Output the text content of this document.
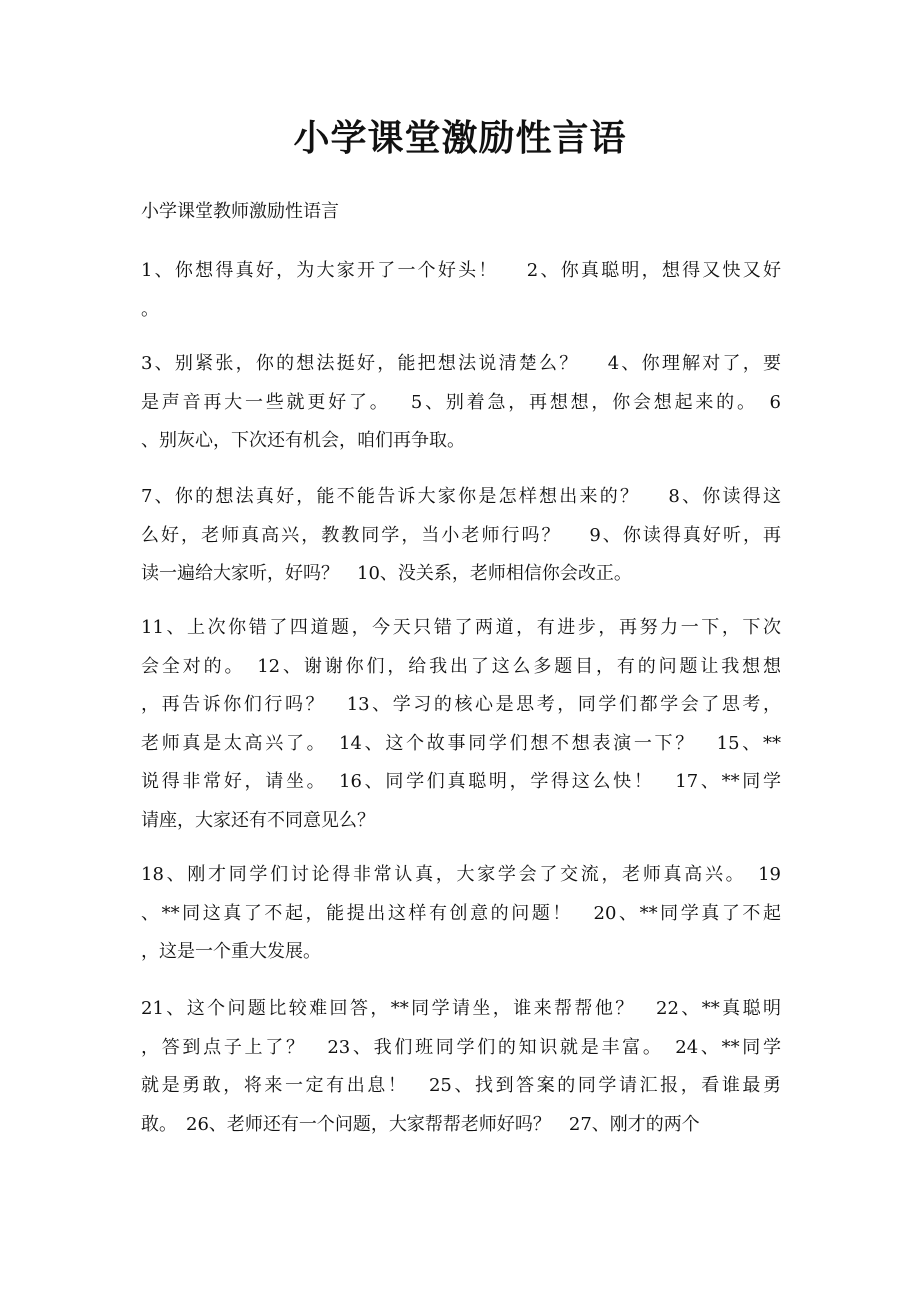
小学课堂激励性言语
小学课堂教师激励性语言
1、你想得真好，为大家开了一个好头！　 2、你真聪明，想得又快又好
。
3、别紧张，你的想法挺好，能把想法说清楚么？　 4、你理解对了，要
是声音再大一些就更好了。　 5、别着急，再想想，你会想起来的。　6
、别灰心，下次还有机会，咱们再争取。
7、你的想法真好，能不能告诉大家你是怎样想出来的？　 8、你读得这
么好，老师真高兴，教教同学，当小老师行吗？　 9、你读得真好听，再
读一遍给大家听，好吗？　10、没关系，老师相信你会改正。
11、上次你错了四道题，今天只错了两道，有进步，再努力一下，下次
会全对的。　12、谢谢你们，给我出了这么多题目，有的问题让我想想
，再告诉你们行吗？　13、学习的核心是思考，同学们都学会了思考，
老师真是太高兴了。　14、这个故事同学们想不想表演一下？　15、**
说得非常好，请坐。　16、同学们真聪明，学得这么快！　17、**同学
请座，大家还有不同意见么？
18、刚才同学们讨论得非常认真，大家学会了交流，老师真高兴。　19
、**同这真了不起，能提出这样有创意的问题！　20、**同学真了不起
，这是一个重大发展。
21、这个问题比较难回答，**同学请坐，谁来帮帮他？　22、**真聪明
，答到点子上了？　23、我们班同学们的知识就是丰富。　24、**同学
就是勇敢，将来一定有出息！　25、找到答案的同学请汇报，看谁最勇
敢。　26、老师还有一个问题，大家帮帮老师好吗？　27、刚才的两个
